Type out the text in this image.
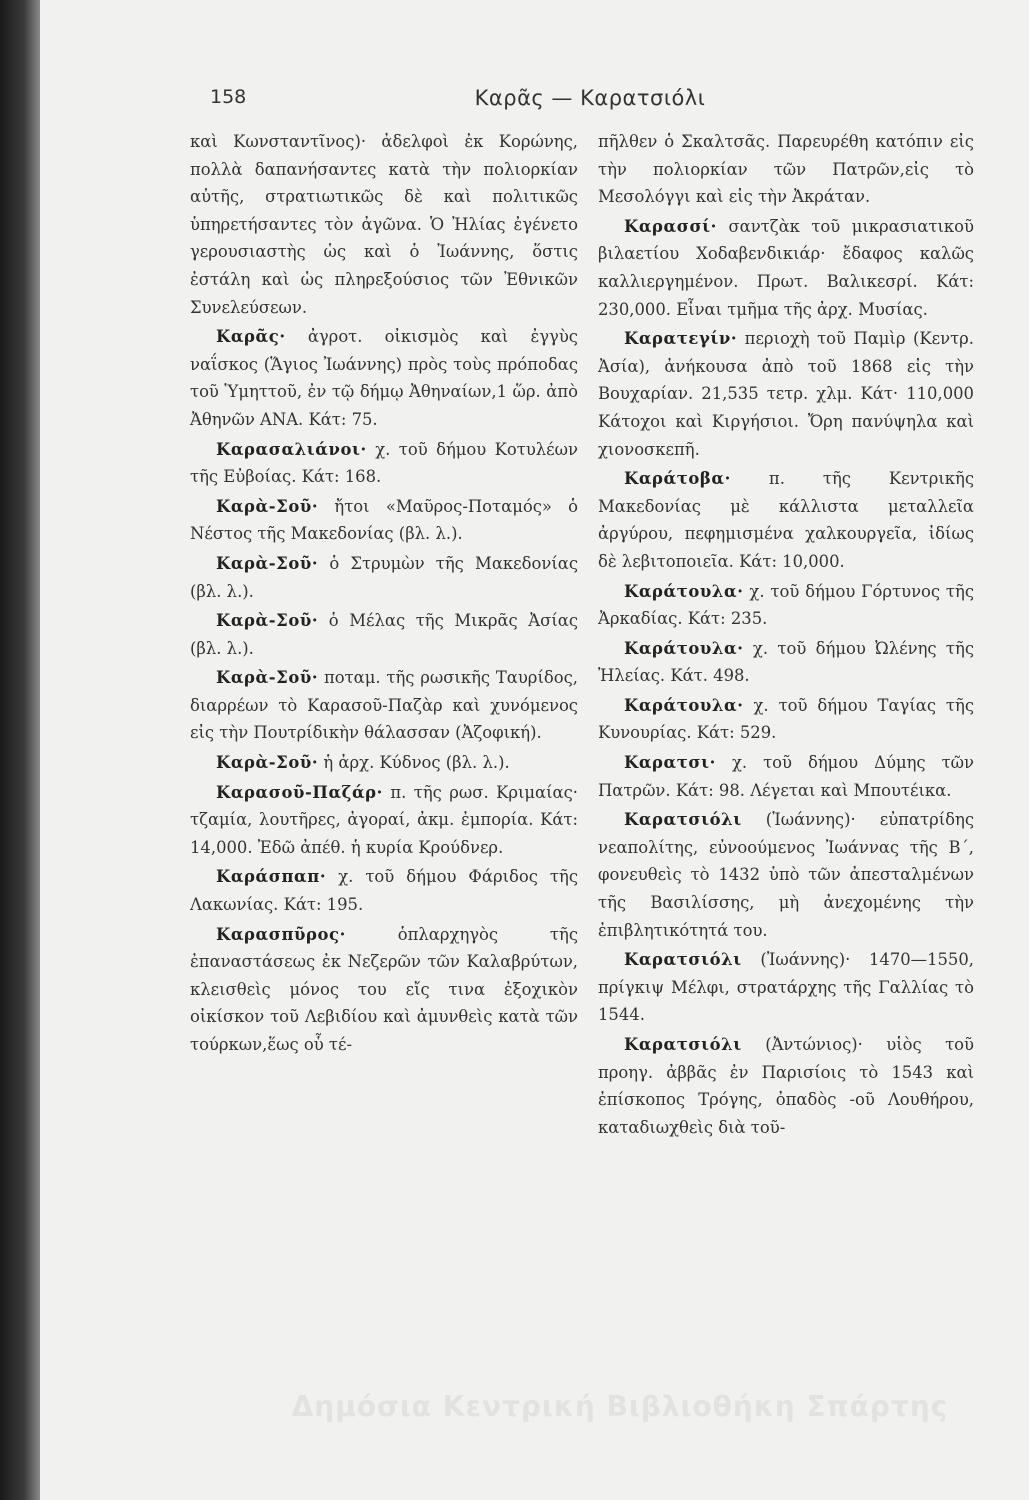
158	Καρᾶς — Καρατσιόλι

καὶ Κωνσταντῖνος)· ἀδελφοὶ ἐκ Κορώνης, πολλὰ δαπανήσαντες κατὰ τὴν πολιορκίαν αὐτῆς, στρατιωτικῶς δὲ καὶ πολιτικῶς ὑπηρετήσαντες τὸν ἀγῶνα. Ὁ Ἠλίας ἐγένετο γερουσιαστὴς ὡς καὶ ὁ Ἰωάννης, ὅστις ἐστάλη καὶ ὡς πληρεξούσιος τῶν Ἐθνικῶν Συνελεύσεων.

Καρᾶς· ἀγροτ. οἰκισμὸς καὶ ἐγγὺς ναΐσκος (Ἅγιος Ἰωάννης) πρὸς τοὺς πρόποδας τοῦ Ὑμηττοῦ, ἐν τῷ δήμῳ Ἀθηναίων,1 ὥρ. ἀπὸ Ἀθηνῶν ΑΝΑ. Κάτ: 75.

Καρασαλιάνοι· χ. τοῦ δήμου Κοτυλέων τῆς Εὐβοίας. Κάτ: 168.

Καρὰ-Σοῦ· ἤτοι «Μαῦρος-Ποταμός» ὁ Νέστος τῆς Μακεδονίας (βλ. λ.).

Καρὰ-Σοῦ· ὁ Στρυμὼν τῆς Μακεδονίας (βλ. λ.).

Καρὰ-Σοῦ· ὁ Μέλας τῆς Μικρᾶς Ἀσίας (βλ. λ.).

Καρὰ-Σοῦ· ποταμ. τῆς ρωσικῆς Ταυρίδος, διαρρέων τὸ Καρασοῦ-Παζὰρ καὶ χυνόμενος εἰς τὴν Πουτρίδικὴν θάλασσαν (Ἀζοφική).

Καρὰ-Σοῦ· ἡ ἀρχ. Κύδνος (βλ. λ.).

Καρασοῦ-Παζάρ· π. τῆς ρωσ. Κριμαίας· τζαμία, λουτῆρες, ἀγοραί, ἀκμ. ἐμπορία. Κάτ: 14,000. Ἐδῶ ἀπέθ. ἡ κυρία Κρούδνερ.

Καράσπαπ· χ. τοῦ δήμου Φάριδος τῆς Λακωνίας. Κάτ: 195.

Καρασπῦρος·	ὁπλαρχηγὸς τῆς ἐπαναστάσεως ἐκ Νεζερῶν τῶν Καλαβρύτων, κλεισθεὶς μόνος του εἴς τινα ἐξοχικὸν οἰκίσκον τοῦ Λεβιδίου καὶ ἀμυνθεὶς κατὰ τῶν τούρκων,ἕως οὗ τέ-

πῆλθεν ὁ Σκαλτσᾶς. Παρευρέθη κατόπιν εἰς τὴν πολιορκίαν τῶν Πατρῶν,εἰς τὸ Μεσολόγγι καὶ εἰς τὴν Ἀκράταν.

Καρασσί· σαντζὰκ τοῦ μικρασιατικοῦ βιλαετίου Χοδαβενδικιάρ· ἔδαφος καλῶς καλλιεργημένον. Πρωτ. Βαλικεσρί. Κάτ: 230,000. Εἶναι τμῆμα τῆς ἀρχ. Μυσίας.

Καρατεγίν· περιοχὴ τοῦ Παμὶρ (Κεντρ. Ἀσία), ἀνήκουσα ἀπὸ τοῦ 1868 εἰς τὴν Βουχαρίαν. 21,535 τετρ. χλμ. Κάτ· 110,000 Κάτοχοι καὶ Κιργήσιοι. Ὄρη πανύψηλα καὶ χιονοσκεπῆ.

Καράτοβα· π. τῆς Κεντρικῆς Μακεδονίας μὲ κάλλιστα μεταλλεῖα ἀργύρου, πεφημισμένα χαλκουργεῖα, ἰδίως δὲ λεβιτοποιεῖα. Κάτ: 10,000.

Καράτουλα· χ. τοῦ δήμου Γόρτυνος τῆς Ἀρκαδίας. Κάτ: 235.

Καράτουλα· χ. τοῦ δήμου Ὠλένης τῆς Ἠλείας. Κάτ. 498.

Καράτουλα· χ. τοῦ δήμου Ταγίας τῆς Κυνουρίας. Κάτ: 529.

Καρατσι· χ. τοῦ δήμου Δύμης τῶν Πατρῶν. Κάτ: 98. Λέγεται καὶ Μπουτέικα.

Καρατσιόλι (Ἰωάννης)· εὐπατρίδης νεαπολίτης, εὐνοούμενος Ἰωάννας τῆς Β΄, φονευθεὶς τὸ 1432 ὑπὸ τῶν ἀπεσταλμένων τῆς Βασιλίσσης, μὴ ἀνεχομένης τὴν ἐπιβλητικότητά του.

Καρατσιόλι (Ἰωάννης)· 1470—1550, πρίγκιψ Μέλφι, στρατάρχης τῆς Γαλλίας τὸ 1544.

Καρατσιόλι (Ἀντώνιος)· υἱὸς τοῦ προηγ. ἀββᾶς ἐν Παρισίοις τὸ 1543 καὶ ἐπίσκοπος Τρόγης, ὀπαδὸς -οῦ Λουθήρου, καταδιωχθεὶς διὰ τοῦ-

Δημόσια Κεντρική Βιβλιοθήκη Σπάρτης
